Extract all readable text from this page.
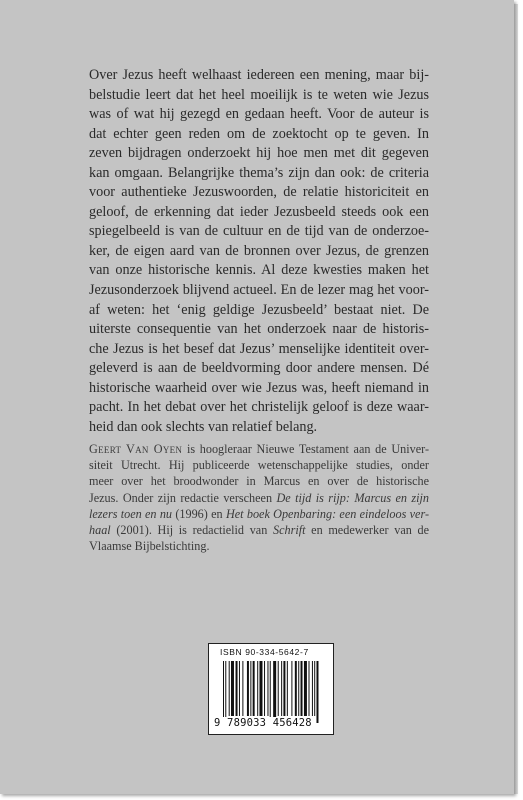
Over Jezus heeft welhaast iedereen een mening, maar bij-
belstudie leert dat het heel moeilijk is te weten wie Jezus
was of wat hij gezegd en gedaan heeft. Voor de auteur is
dat echter geen reden om de zoektocht op te geven. In
zeven bijdragen onderzoekt hij hoe men met dit gegeven
kan omgaan. Belangrijke thema’s zijn dan ook: de criteria
voor authentieke Jezuswoorden, de relatie historiciteit en
geloof, de erkenning dat ieder Jezusbeeld steeds ook een
spiegelbeeld is van de cultuur en de tijd van de onderzoe-
ker, de eigen aard van de bronnen over Jezus, de grenzen
van onze historische kennis. Al deze kwesties maken het
Jezusonderzoek blijvend actueel. En de lezer mag het voor-
af weten: het ‘enig geldige Jezusbeeld’ bestaat niet. De
uiterste consequentie van het onderzoek naar de historis-
che Jezus is het besef dat Jezus’ menselijke identiteit over-
geleverd is aan de beeldvorming door andere mensen. Dé
historische waarheid over wie Jezus was, heeft niemand in
pacht. In het debat over het christelijk geloof is deze waar-
heid dan ook slechts van relatief belang.
Geert Van Oyen is hoogleraar Nieuwe Testament aan de Univer-
siteit Utrecht. Hij publiceerde wetenschappelijke studies, onder
meer over het broodwonder in Marcus en over de historische
Jezus. Onder zijn redactie verscheen De tijd is rijp: Marcus en zijn
lezers toen en nu (1996) en Het boek Openbaring: een eindeloos ver-
haal (2001). Hij is redactielid van Schrift en medewerker van de
Vlaamse Bijbelstichting.
ISBN 90-334-5642-7
9 789033 456428
